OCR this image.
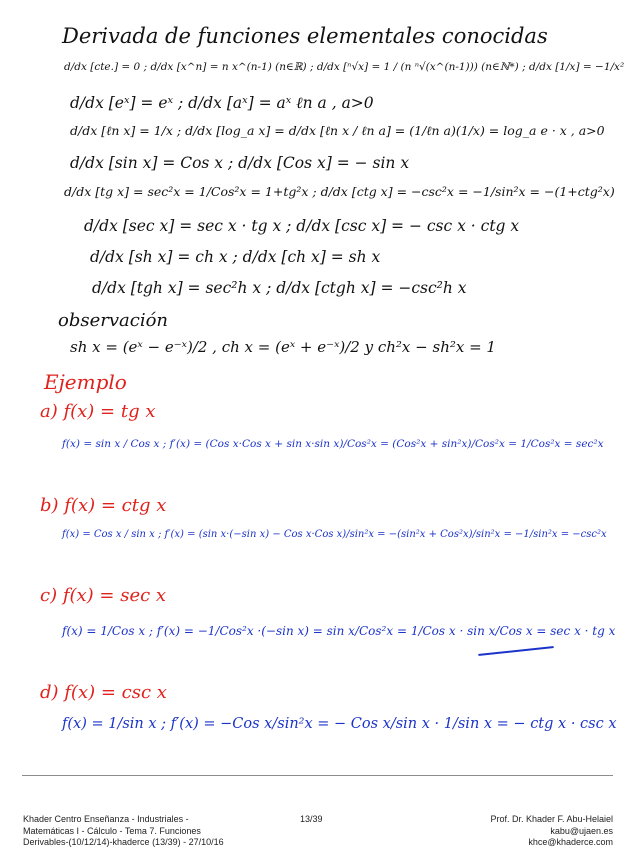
Derivada de funciones elementales conocidas
d/dx [cte.] = 0 ; d/dx [x^n] = n x^(n-1) (n∈ℝ) ; d/dx [ⁿ√x] = 1 / (n ⁿ√(x^(n-1))) (n∈ℕ*) ; d/dx [1/x] = −1/x²
d/dx [eˣ] = eˣ ; d/dx [aˣ] = aˣ ℓn a , a>0
d/dx [ℓn x] = 1/x ; d/dx [log_a x] = d/dx [ℓn x / ℓn a] = (1/ℓn a)(1/x) = log_a e · x , a>0
d/dx [sin x] = Cos x ; d/dx [Cos x] = − sin x
d/dx [tg x] = sec²x = 1/Cos²x = 1+tg²x ; d/dx [ctg x] = −csc²x = −1/sin²x = −(1+ctg²x)
d/dx [sec x] = sec x · tg x ; d/dx [csc x] = − csc x · ctg x
d/dx [sh x] = ch x ; d/dx [ch x] = sh x
d/dx [tgh x] = sec²h x ; d/dx [ctgh x] = −csc²h x
observación
sh x = (eˣ − e⁻ˣ)/2 , ch x = (eˣ + e⁻ˣ)/2 y ch²x − sh²x = 1
Ejemplo
a) f(x) = tg x
f(x) = sin x / Cos x ; f′(x) = (Cos x·Cos x + sin x·sin x)/Cos²x = (Cos²x + sin²x)/Cos²x = 1/Cos²x = sec²x
b) f(x) = ctg x
f(x) = Cos x / sin x ; f′(x) = (sin x·(−sin x) − Cos x·Cos x)/sin²x = −(sin²x + Cos²x)/sin²x = −1/sin²x = −csc²x
c) f(x) = sec x
f(x) = 1/Cos x ; f′(x) = −1/Cos²x ·(−sin x) = sin x/Cos²x = 1/Cos x · sin x/Cos x = sec x · tg x
d) f(x) = csc x
f(x) = 1/sin x ; f′(x) = −Cos x/sin²x = − Cos x/sin x · 1/sin x = − ctg x · csc x
Khader Centro Enseñanza - Industriales -
Matemáticas I - Cálculo - Tema 7. Funciones
Derivables-(10/12/14)-khaderce (13/39) - 27/10/16
13/39	Prof. Dr. Khader F. Abu-Helaiel
kabu@ujaen.es
khce@khaderce.com
